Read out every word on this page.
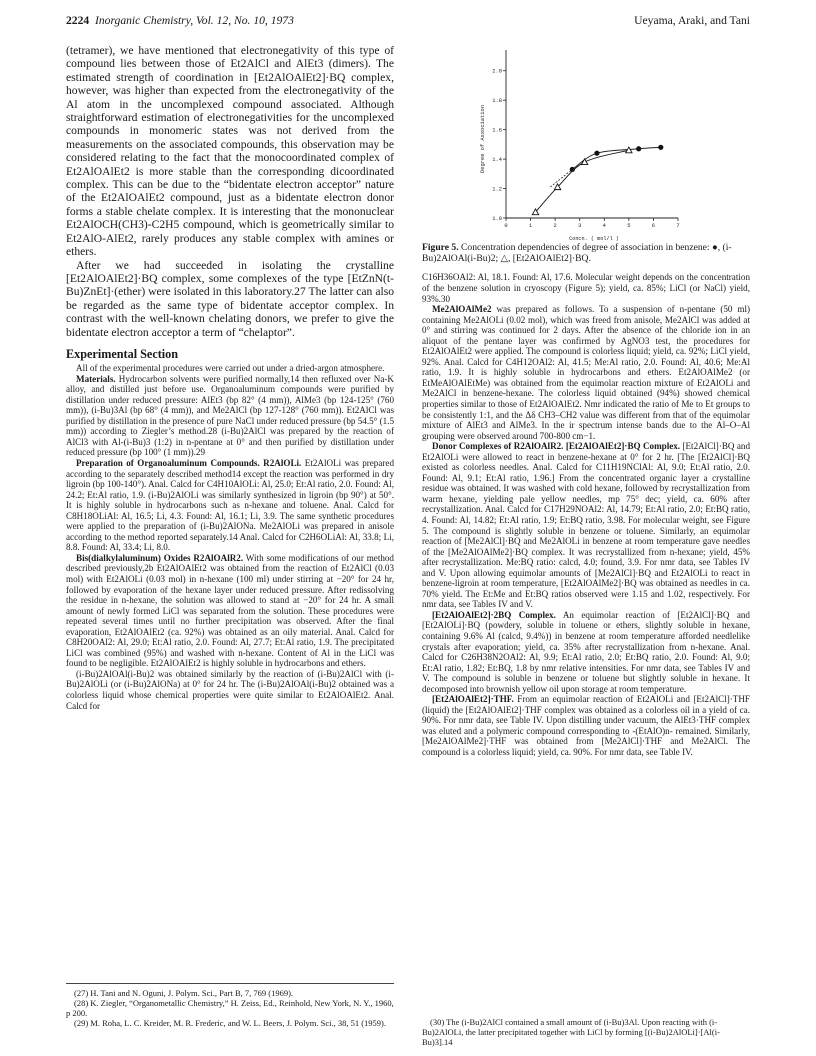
2224 Inorganic Chemistry, Vol. 12, No. 10, 1973	Ueyama, Araki, and Tani

(tetramer), we have mentioned that electronegativity of this type of compound lies between those of Et2AlCl and AlEt3 (dimers). The estimated strength of coordination in [Et2AlOAlEt2]·BQ complex, however, was higher than expected from the electronegativity of the Al atom in the uncomplexed compound associated. Although straightforward estimation of electronegativities for the uncomplexed compounds in monomeric states was not derived from the measurements on the associated compounds, this observation may be considered relating to the fact that the monocoordinated complex of Et2AlOAlEt2 is more stable than the corresponding dicoordinated complex. This can be due to the “bidentate electron acceptor” nature of the Et2AlOAlEt2 compound, just as a bidentate electron donor forms a stable chelate complex. It is interesting that the mononuclear Et2AlOCH(CH3)-C2H5 compound, which is geometrically similar to Et2AlO-AlEt2, rarely produces any stable complex with amines or ethers.

After we had succeeded in isolating the crystalline [Et2AlOAlEt2]·BQ complex, some complexes of the type [EtZnN(t-Bu)ZnEt]·(ether) were isolated in this laboratory.27 The latter can also be regarded as the same type of bidentate acceptor complex. In contrast with the well-known chelating donors, we prefer to give the bidentate electron acceptor a term of “chelaptor”.

Experimental Section

All of the experimental procedures were carried out under a dried-argon atmosphere.

Materials. Hydrocarbon solvents were purified normally,14 then refluxed over Na-K alloy, and distilled just before use. Organoaluminum compounds were purified by distillation under reduced pressure: AlEt3 (bp 82° (4 mm)), AlMe3 (bp 124-125° (760 mm)), (i-Bu)3Al (bp 68° (4 mm)), and Me2AlCl (bp 127-128° (760 mm)). Et2AlCl was purified by distillation in the presence of pure NaCl under reduced pressure (bp 54.5° (1.5 mm)) according to Ziegler’s method.28 (i-Bu)2AlCl was prepared by the reaction of AlCl3 with Al-(i-Bu)3 (1:2) in n-pentane at 0° and then purified by distillation under reduced pressure (bp 100° (1 mm)).29

Preparation of Organoaluminum Compounds. R2AlOLi. Et2AlOLi was prepared according to the separately described method14 except the reaction was performed in dry ligroin (bp 100-140°). Anal. Calcd for C4H10AlOLi: Al, 25.0; Et:Al ratio, 2.0. Found: Al, 24.2; Et:Al ratio, 1.9. (i-Bu)2AlOLi was similarly synthesized in ligroin (bp 90°) at 50°. It is highly soluble in hydrocarbons such as n-hexane and toluene. Anal. Calcd for C8H18OLiAl: Al, 16.5; Li, 4.3. Found: Al, 16.1; Li, 3.9. The same synthetic procedures were applied to the preparation of (i-Bu)2AlONa. Me2AlOLi was prepared in anisole according to the method reported separately.14 Anal. Calcd for C2H6OLiAl: Al, 33.8; Li, 8.8. Found: Al, 33.4; Li, 8.0.

Bis(dialkylaluminum) Oxides R2AlOAlR2. With some modifications of our method described previously,2b Et2AlOAlEt2 was obtained from the reaction of Et2AlCl (0.03 mol) with Et2AlOLi (0.03 mol) in n-hexane (100 ml) under stirring at −20° for 24 hr, followed by evaporation of the hexane layer under reduced pressure. After redissolving the residue in n-hexane, the solution was allowed to stand at −20° for 24 hr. A small amount of newly formed LiCl was separated from the solution. These procedures were repeated several times until no further precipitation was observed. After the final evaporation, Et2AlOAlEt2 (ca. 92%) was obtained as an oily material. Anal. Calcd for C8H20OAl2: Al, 29.0; Et:Al ratio, 2.0. Found: Al, 27.7; Et:Al ratio, 1.9. The precipitated LiCl was combined (95%) and washed with n-hexane. Content of Al in the LiCl was found to be negligible. Et2AlOAlEt2 is highly soluble in hydrocarbons and ethers.

(i-Bu)2AlOAl(i-Bu)2 was obtained similarly by the reaction of (i-Bu)2AlCl with (i-Bu)2AlOLi (or (i-Bu)2AlONa) at 0° for 24 hr. The (i-Bu)2AlOAl(i-Bu)2 obtained was a colorless liquid whose chemical properties were quite similar to Et2AlOAlEt2. Anal. Calcd for

1.0
1.2
1.4
1.6
1.8
2.0
0	1	2	3	4	5	6	7
Degree of Association
Concn. ( mol/l )

Figure 5. Concentration dependencies of degree of association in benzene: ●, (i-Bu)2AlOAl(i-Bu)2; △, [Et2AlOAlEt2]·BQ.

C16H36OAl2: Al, 18.1. Found: Al, 17.6. Molecular weight depends on the concentration of the benzene solution in cryoscopy (Figure 5); yield, ca. 85%; LiCl (or NaCl) yield, 93%.30

Me2AlOAlMe2 was prepared as follows. To a suspension of n-pentane (50 ml) containing Me2AlOLi (0.02 mol), which was freed from anisole, Me2AlCl was added at 0° and stirring was continued for 2 days. After the absence of the chloride ion in an aliquot of the pentane layer was confirmed by AgNO3 test, the procedures for Et2AlOAlEt2 were applied. The compound is colorless liquid; yield, ca. 92%; LiCl yield, 92%. Anal. Calcd for C4H12OAl2: Al, 41.5; Me:Al ratio, 2.0. Found: Al, 40.6; Me:Al ratio, 1.9. It is highly soluble in hydrocarbons and ethers. Et2AlOAlMe2 (or EtMeAlOAlEtMe) was obtained from the equimolar reaction mixture of Et2AlOLi and Me2AlCl in benzene-hexane. The colorless liquid obtained (94%) showed chemical properties similar to those of Et2AlOAlEt2. Nmr indicated the ratio of Me to Et groups to be consistently 1:1, and the Δδ CH3–CH2 value was different from that of the equimolar mixture of AlEt3 and AlMe3. In the ir spectrum intense bands due to the Al–O–Al grouping were observed around 700-800 cm−1.

Donor Complexes of R2AlOAlR2. [Et2AlOAlEt2]·BQ Complex. [Et2AlCl]·BQ and Et2AlOLi were allowed to react in benzene-hexane at 0° for 2 hr. [The [Et2AlCl]·BQ existed as colorless needles. Anal. Calcd for C11H19NClAl: Al, 9.0; Et:Al ratio, 2.0. Found: Al, 9.1; Et:Al ratio, 1.96.] From the concentrated organic layer a crystalline residue was obtained. It was washed with cold hexane, followed by recrystallization from warm hexane, yielding pale yellow needles, mp 75° dec; yield, ca. 60% after recrystallization. Anal. Calcd for C17H29NOAl2: Al, 14.79; Et:Al ratio, 2.0; Et:BQ ratio, 4. Found: Al, 14.82; Et:Al ratio, 1.9; Et:BQ ratio, 3.98. For molecular weight, see Figure 5. The compound is slightly soluble in benzene or toluene. Similarly, an equimolar reaction of [Me2AlCl]·BQ and Me2AlOLi in benzene at room temperature gave needles of the [Me2AlOAlMe2]·BQ complex. It was recrystallized from n-hexane; yield, 45% after recrystallization. Me:BQ ratio: calcd, 4.0; found, 3.9. For nmr data, see Tables IV and V. Upon allowing equimolar amounts of [Me2AlCl]·BQ and Et2AlOLi to react in benzene-ligroin at room temperature, [Et2AlOAlMe2]·BQ was obtained as needles in ca. 70% yield. The Et:Me and Et:BQ ratios observed were 1.15 and 1.02, respectively. For nmr data, see Tables IV and V.

[Et2AlOAlEt2]·2BQ Complex. An equimolar reaction of [Et2AlCl]·BQ and [Et2AlOLi]·BQ (powdery, soluble in toluene or ethers, slightly soluble in hexane, containing 9.6% Al (calcd, 9.4%)) in benzene at room temperature afforded needlelike crystals after evaporation; yield, ca. 35% after recrystallization from n-hexane. Anal. Calcd for C26H38N2OAl2: Al, 9.9; Et:Al ratio, 2.0; Et:BQ ratio, 2.0. Found: Al, 9.0; Et:Al ratio, 1.82; Et:BQ, 1.8 by nmr relative intensities. For nmr data, see Tables IV and V. The compound is soluble in benzene or toluene but slightly soluble in hexane. It decomposed into brownish yellow oil upon storage at room temperature.

[Et2AlOAlEt2]·THF. From an equimolar reaction of Et2AlOLi and [Et2AlCl]·THF (liquid) the [Et2AlOAlEt2]·THF complex was obtained as a colorless oil in a yield of ca. 90%. For nmr data, see Table IV. Upon distilling under vacuum, the AlEt3·THF complex was eluted and a polymeric compound corresponding to -(EtAlO)n- remained. Similarly, [Me2AlOAlMe2]·THF was obtained from [Me2AlCl]·THF and Me2AlCl. The compound is a colorless liquid; yield, ca. 90%. For nmr data, see Table IV.

(27) H. Tani and N. Oguni, J. Polym. Sci., Part B, 7, 769 (1969).

(28) K. Ziegler, “Organometallic Chemistry,” H. Zeiss, Ed., Reinhold, New York, N. Y., 1960, p 200.

(29) M. Roha, L. C. Kreider, M. R. Frederic, and W. L. Beers, J. Polym. Sci., 38, 51 (1959).	(30) The (i-Bu)2AlCl contained a small amount of (i-Bu)3Al. Upon reacting with (i-Bu)2AlOLi, the latter precipitated together with LiCl by forming [(i-Bu)2AlOLi]·[Al(i-Bu)3].14
